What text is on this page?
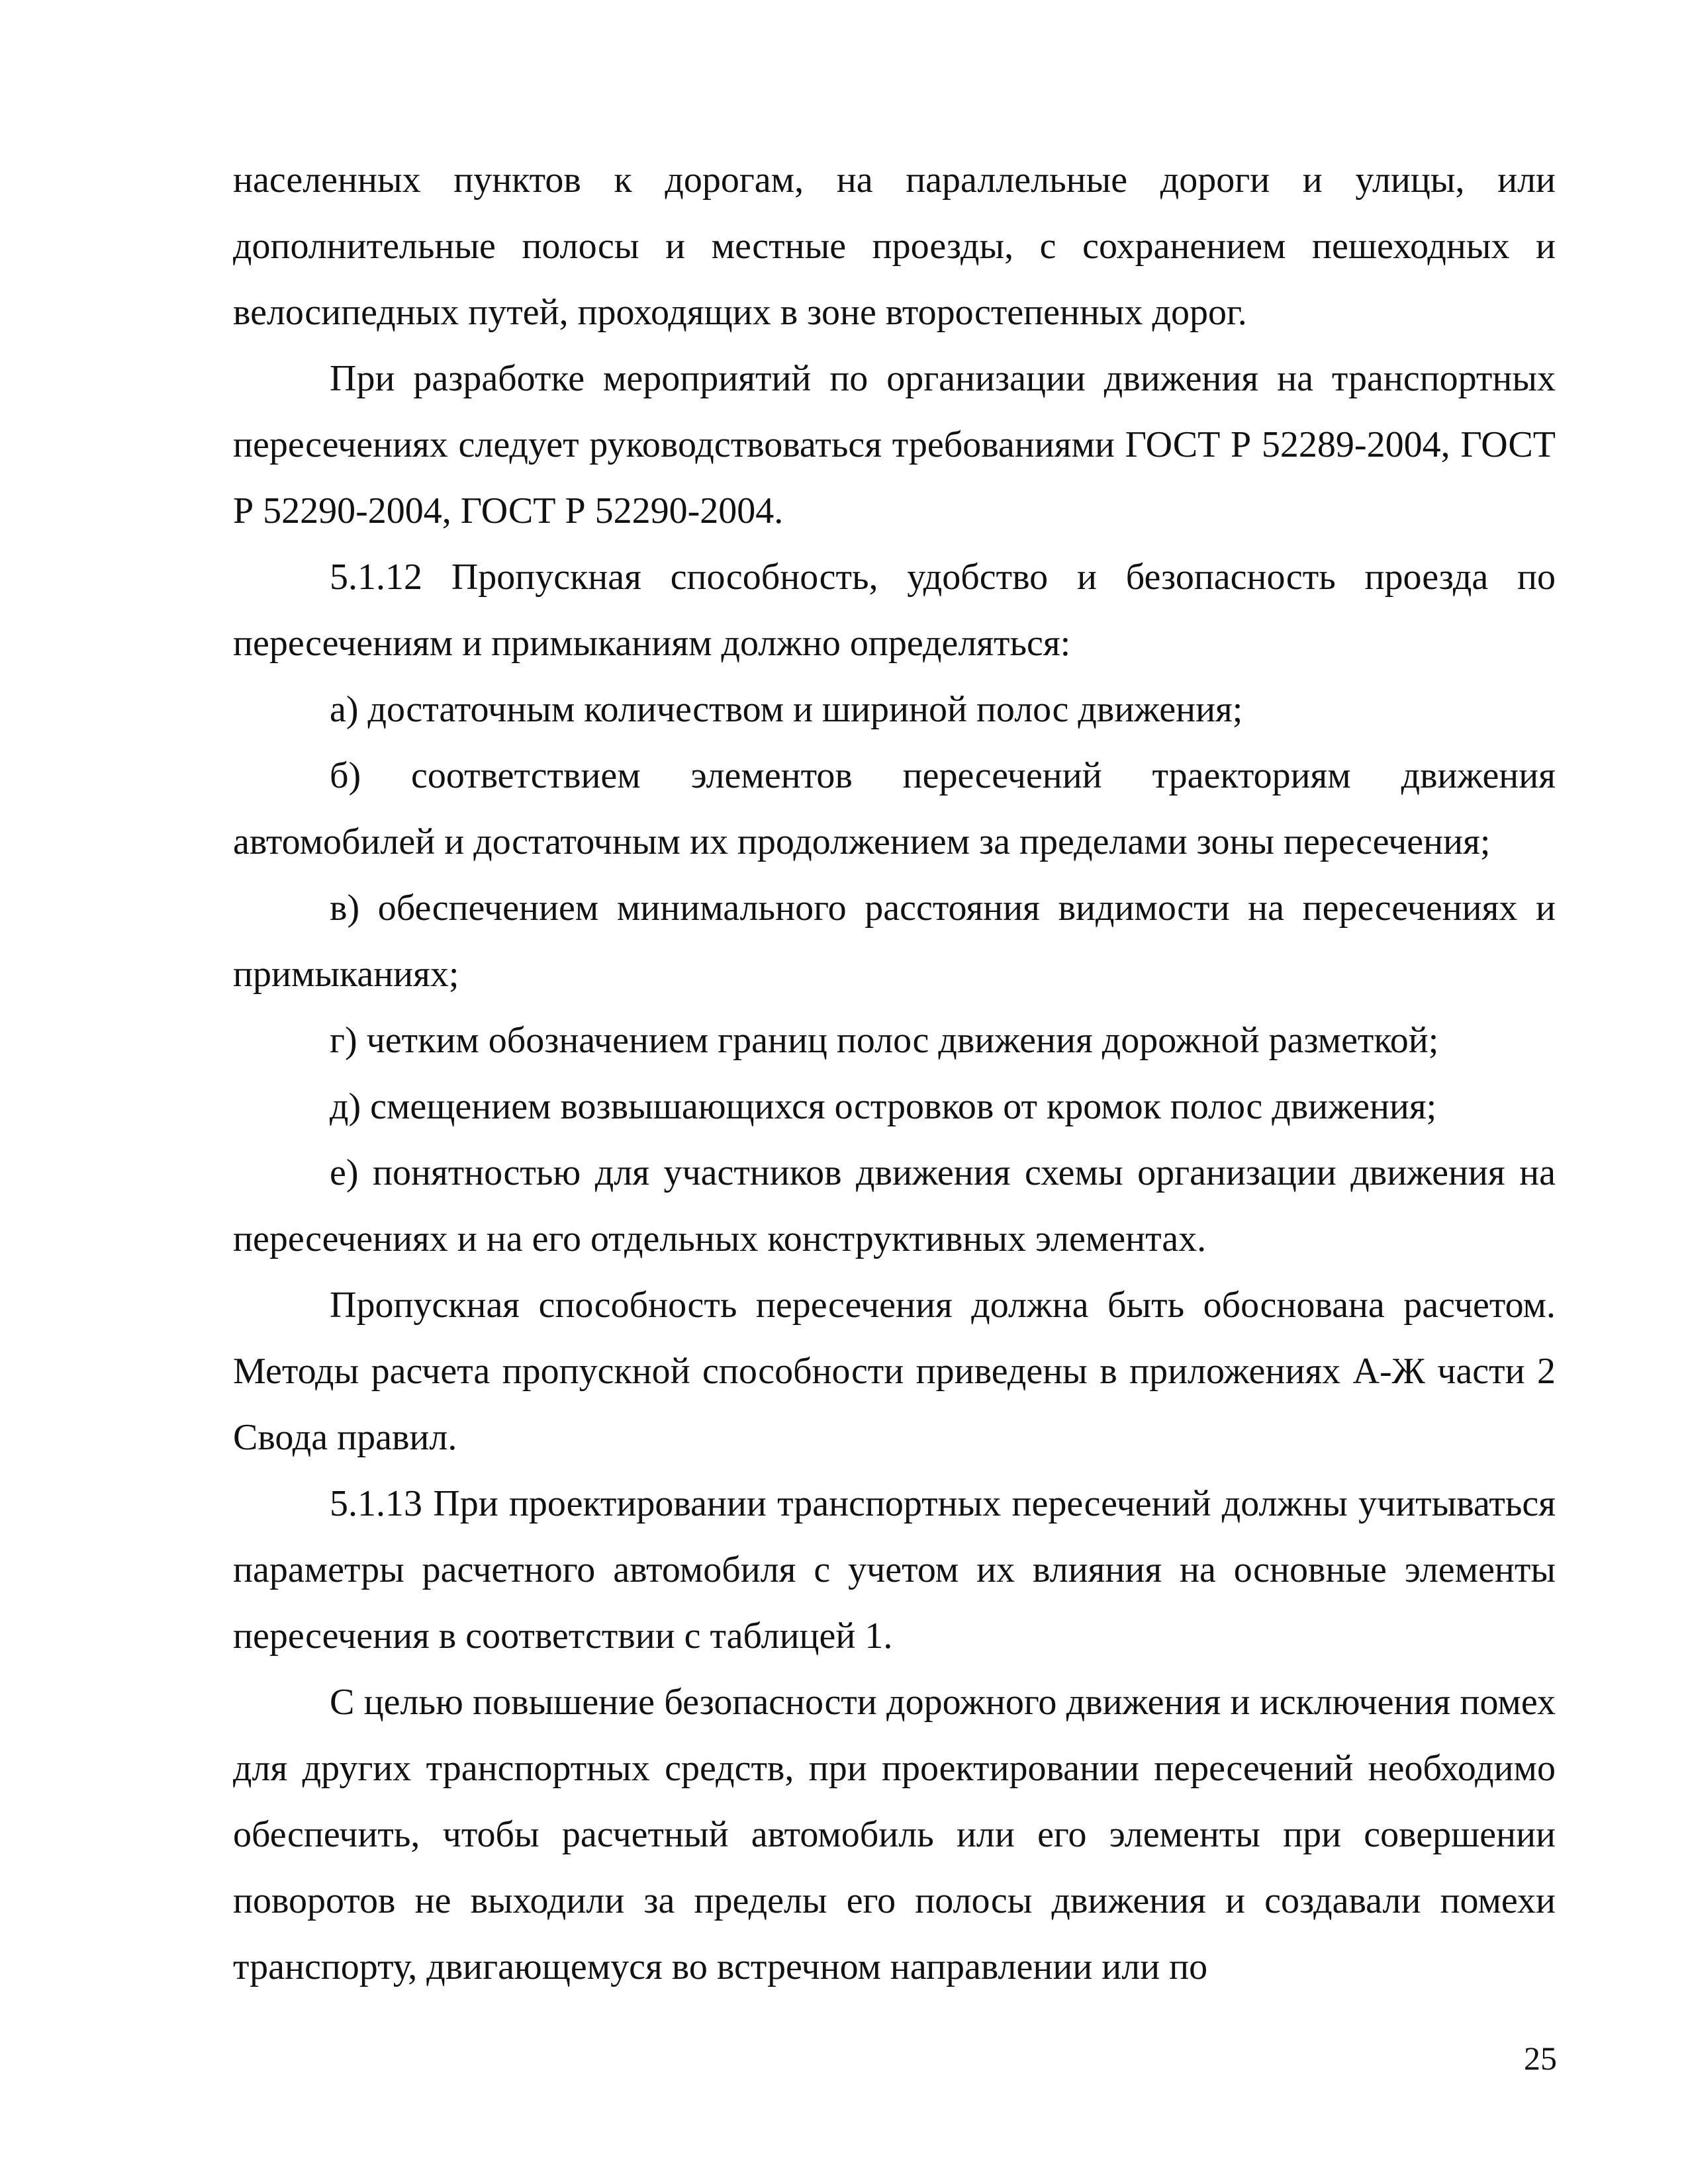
населенных пунктов к дорогам, на параллельные дороги и улицы, или дополнительные полосы и местные проезды, с сохранением пешеходных и велосипедных путей, проходящих в зоне второстепенных дорог.

При разработке мероприятий по организации движения на транспортных пересечениях следует руководствоваться требованиями ГОСТ Р 52289-2004, ГОСТ Р 52290-2004, ГОСТ Р 52290-2004.

5.1.12 Пропускная способность, удобство и безопасность проезда по пересечениям и примыканиям должно определяться:

а) достаточным количеством и шириной полос движения;

б) соответствием элементов пересечений траекториям движения автомобилей и достаточным их продолжением за пределами зоны пересечения;

в) обеспечением минимального расстояния видимости на пересечениях и примыканиях;

г) четким обозначением границ полос движения дорожной разметкой;

д) смещением возвышающихся островков от кромок полос движения;

е) понятностью для участников движения схемы организации движения на пересечениях и на его отдельных конструктивных элементах.

Пропускная способность пересечения должна быть обоснована расчетом. Методы расчета пропускной способности приведены в приложениях А-Ж части 2 Свода правил.

5.1.13 При проектировании транспортных пересечений должны учитываться параметры расчетного автомобиля с учетом их влияния на основные элементы пересечения в соответствии с таблицей 1.

С целью повышение безопасности дорожного движения и исключения помех для других транспортных средств, при проектировании пересечений необходимо обеспечить, чтобы расчетный автомобиль или его элементы при совершении поворотов не выходили за пределы его полосы движения и создавали помехи транспорту, двигающемуся во встречном направлении или по

25
